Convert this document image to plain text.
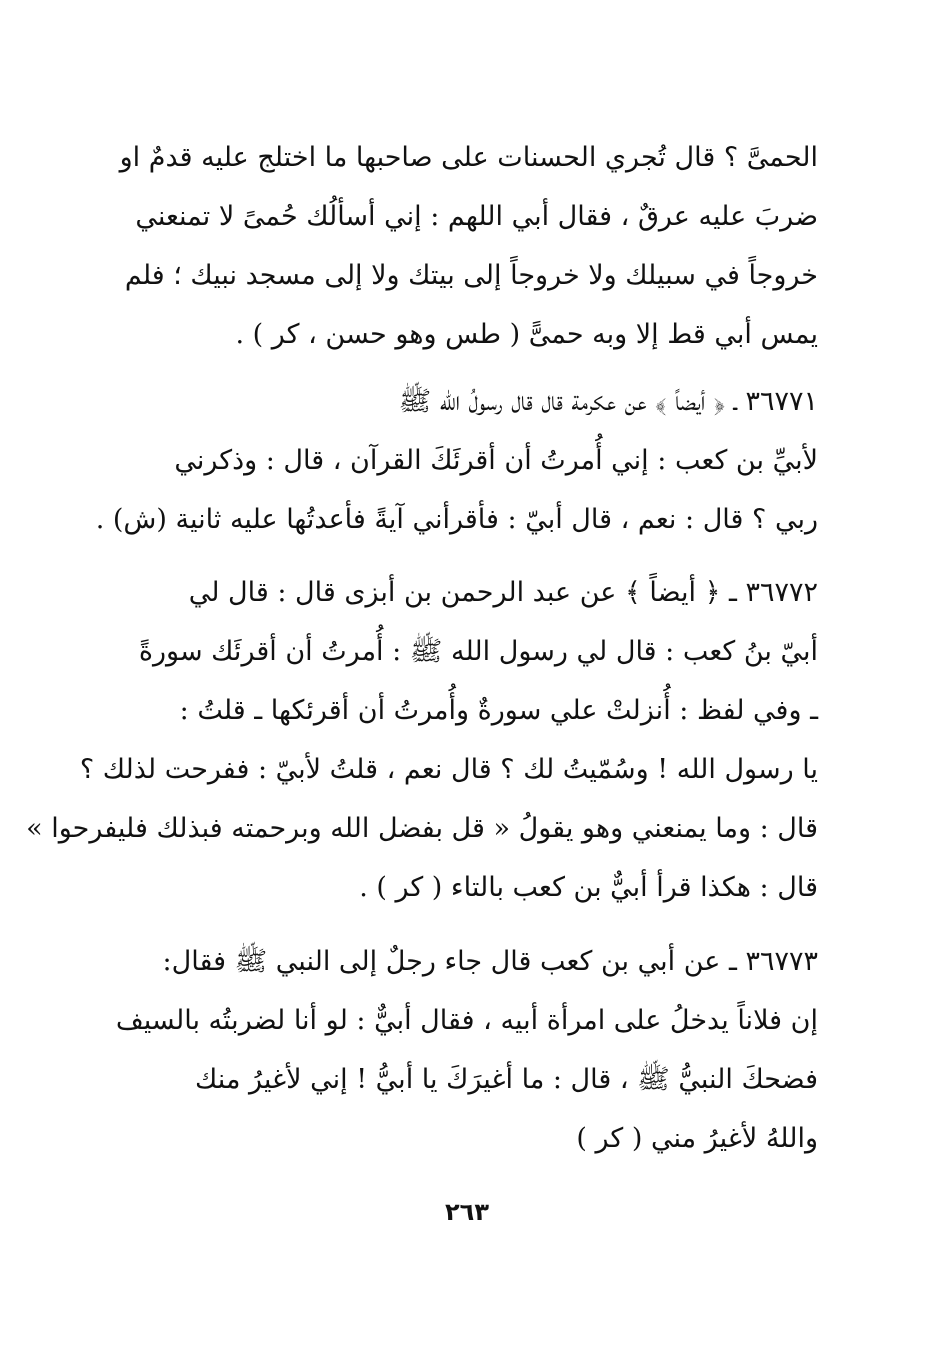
الحمىَّ ؟ قال تُجري الحسنات على صاحبها ما اختلج عليه قدمٌ او
ضربَ عليه عرقٌ ، فقال أبي اللهم : إني أسألُك حُمىً لا تمنعني
خروجاً في سبيلك ولا خروجاً إلى بيتك ولا إلى مسجد نبيك ؛ فلم
يمس أبي قط إلا وبه حمىًّ ( طس وهو حسن ، كر ) .
٣٦٧٧١ ـ ﴿ أيضاً ﴾ عن عكرمة قال قال رسولُ الله ﷺ
لأبيِّ بن كعب : إني أُمرتُ أن أقرئَكَ القرآن ، قال : وذكرني
ربي ؟ قال : نعم ، قال أبيّ : فأقرأني آيةً فأعدتُها عليه ثانية (ش) .
٣٦٧٧٢ ـ ﴿ أيضاً ﴾ عن عبد الرحمن بن أبزى قال : قال لي
أبيّ بنُ كعب : قال لي رسول الله ﷺ : أُمرتُ أن أقرئَك سورةً
ـ وفي لفظ : أُنزلتْ علي سورةٌ وأُمرتُ أن أقرئكها ـ قلتُ :
يا رسول الله ! وسُمّيتُ لك ؟ قال نعم ، قلتُ لأبيّ : ففرحت لذلك ؟
قال : وما يمنعني وهو يقولُ « قل بفضل الله وبرحمته فبذلك فليفرحوا »
قال : هكذا قرأ أبيٌّ بن كعب بالتاء ( كر ) .
٣٦٧٧٣ ـ عن أبي بن كعب قال جاء رجلٌ إلى النبي ﷺ فقال:
إن فلاناً يدخلُ على امرأة أبيه ، فقال أبيٌّ : لو أنا لضربتُه بالسيف
فضحكَ النبيُّ ﷺ ، قال : ما أغيرَكَ يا أبيُّ ! إني لأغيرُ منك
واللهُ لأغيرُ مني ( كر )
٢٦٣
